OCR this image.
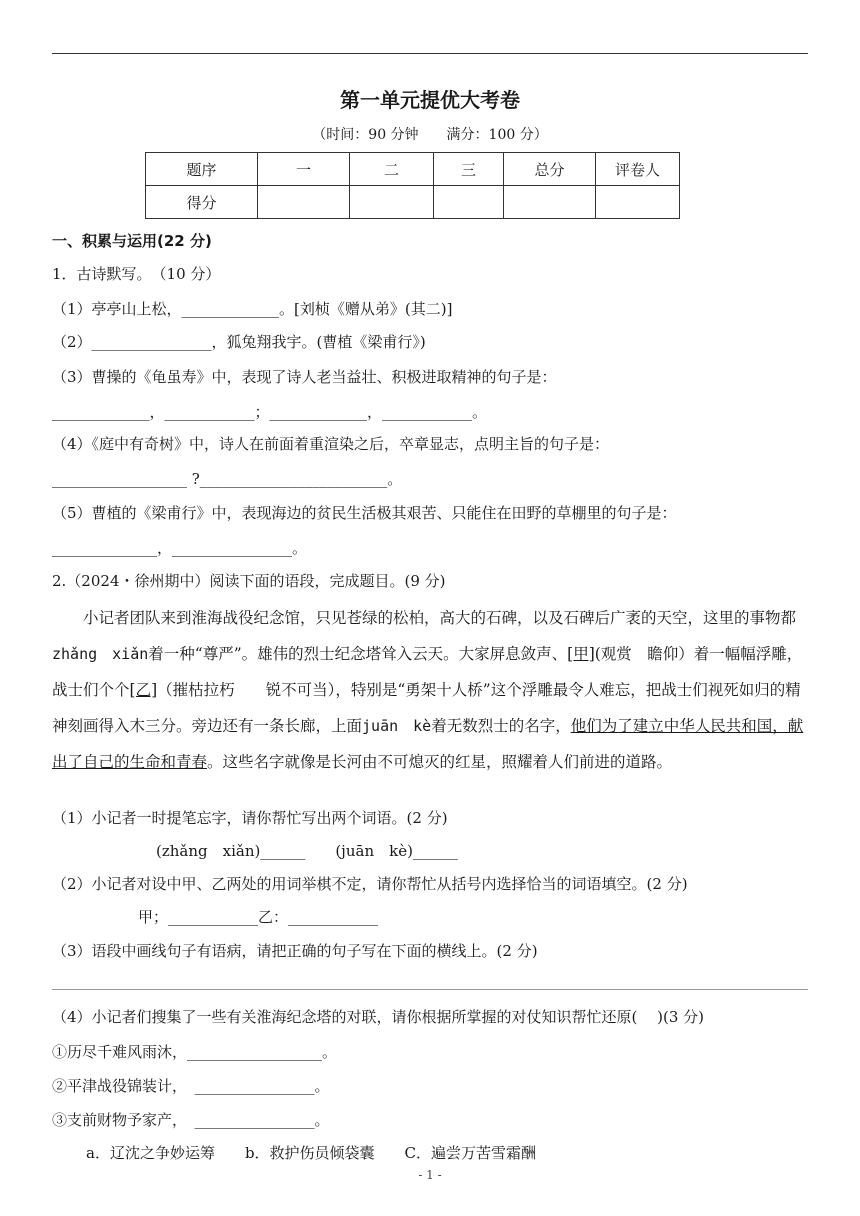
第一单元提优大考卷
（时间：90 分钟　　满分：100 分）
题序	一	二	三	总分	评卷人
得分					
一、积累与运用(22 分)
1．古诗默写。　（10 分）
（1）亭亭山上松，_____________。[刘桢《赠从弟》(其二)]
（2）________________，狐兔翔我宇。(曹植《梁甫行》)
（3）曹操的《龟虽寿》中，表现了诗人老当益壮、积极进取精神的句子是：
_____________，____________；_____________，____________。
（4）《庭中有奇树》中，诗人在前面着重渲染之后，卒章显志，点明主旨的句子是：
__________________ ?_________________________。
（5）曹植的《梁甫行》中，表现海边的贫民生活极其艰苦、只能住在田野的草棚里的句子是：
______________，________________。
2.（2024・徐州期中）阅读下面的语段，完成题目。(9 分)
小记者团队来到淮海战役纪念馆，只见苍绿的松柏，高大的石碑，以及石碑后广袤的天空，这里的事物都zhǎng　xiǎn着一种“尊严”。雄伟的烈士纪念塔耸入云天。大家屏息敛声、[甲](观赏　瞻仰）着一幅幅浮雕，战士们个个[乙]（摧枯拉朽　　锐不可当），特别是“勇架十人桥”这个浮雕最令人难忘，把战士们视死如归的精神刻画得入木三分。旁边还有一条长廊，上面juān　kè着无数烈士的名字，他们为了建立中华人民共和国，献出了自己的生命和青春。这些名字就像是长河由不可熄灭的红星，照耀着人们前进的道路。
（1）小记者一时提笔忘字，请你帮忙写出两个词语。(2 分)
(zhǎng　xiǎn)______　　(juān　kè)______
（2）小记者对设中甲、乙两处的用词举棋不定，请你帮忙从括号内选择恰当的词语填空。(2 分)
甲；____________乙：____________
（3）语段中画线句子有语病，请把正确的句子写在下面的横线上。(2 分)
（4）小记者们搜集了一些有关淮海纪念塔的对联，请你根据所掌握的对仗知识帮忙还原(　 )(3 分)
①历尽千难风雨沐，__________________。
②平津战役锦装计，　________________。
③支前财物予家产，　________________。
a．辽沈之争妙运筹　　b．救护伤员倾袋囊　　C．遍尝万苦雪霜酬
- 1 -
